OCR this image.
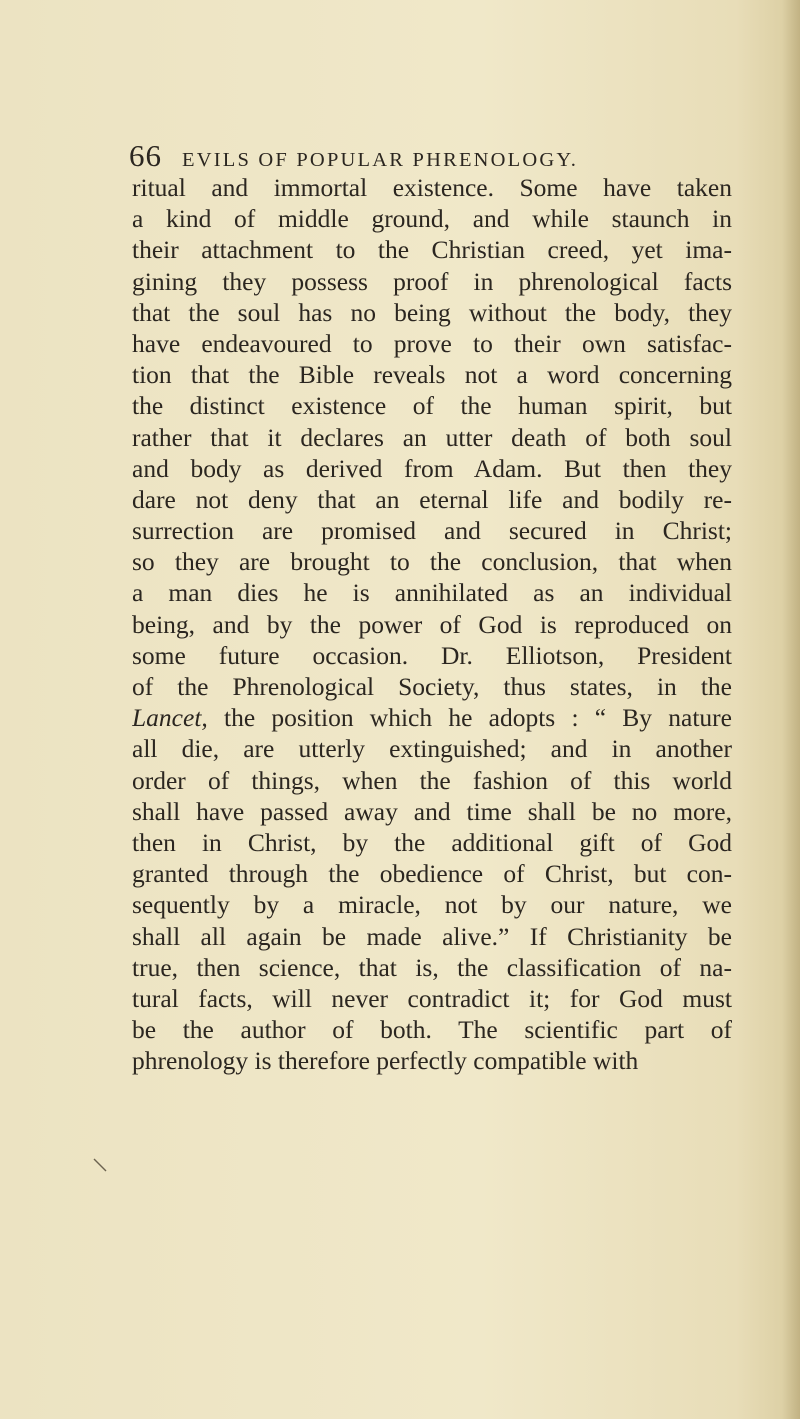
66 EVILS OF POPULAR PHRENOLOGY.
ritual and immortal existence. Some have taken
a kind of middle ground, and while staunch in
their attachment to the Christian creed, yet ima-
gining they possess proof in phrenological facts
that the soul has no being without the body, they
have endeavoured to prove to their own satisfac-
tion that the Bible reveals not a word concerning
the distinct existence of the human spirit, but
rather that it declares an utter death of both soul
and body as derived from Adam. But then they
dare not deny that an eternal life and bodily re-
surrection are promised and secured in Christ;
so they are brought to the conclusion, that when
a man dies he is annihilated as an individual
being, and by the power of God is reproduced on
some future occasion. Dr. Elliotson, President
of the Phrenological Society, thus states, in the
Lancet, the position which he adopts : “ By nature
all die, are utterly extinguished; and in another
order of things, when the fashion of this world
shall have passed away and time shall be no more,
then in Christ, by the additional gift of God
granted through the obedience of Christ, but con-
sequently by a miracle, not by our nature, we
shall all again be made alive.” If Christianity be
true, then science, that is, the classification of na-
tural facts, will never contradict it; for God must
be the author of both. The scientific part of
phrenology is therefore perfectly compatible with
